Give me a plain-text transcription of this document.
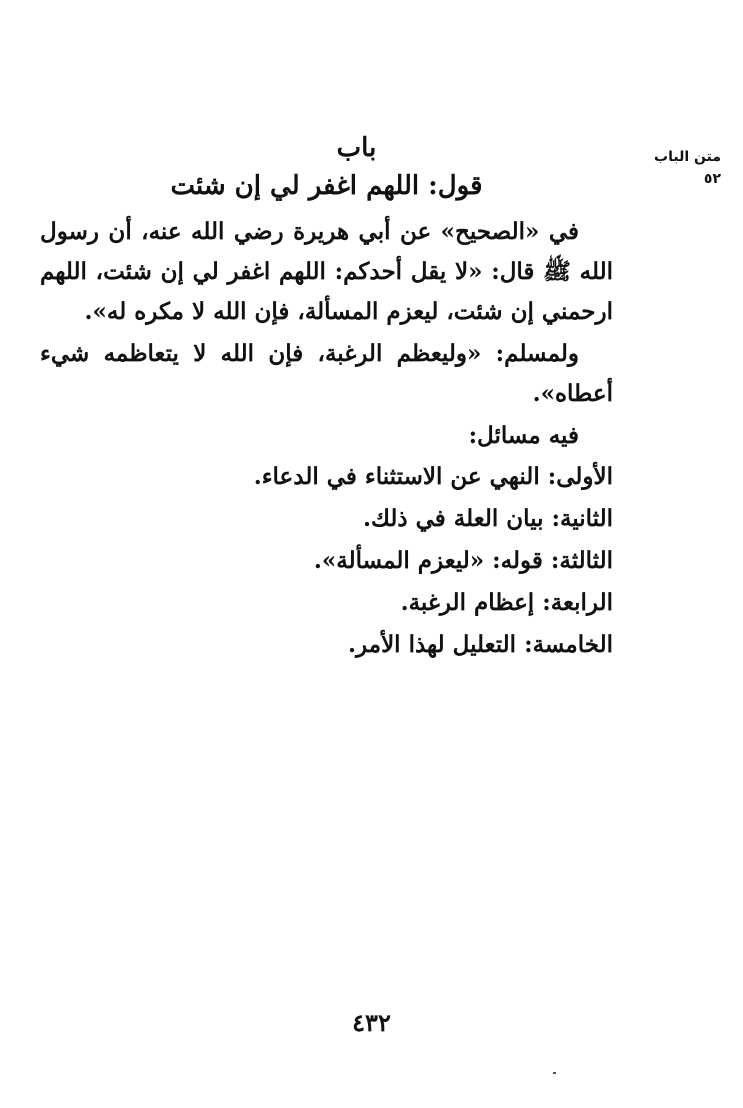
متن الباب
٥٢
باب
قول: اللهم اغفر لي إن شئت

في «الصحيح» عن أبي هريرة رضي الله عنه، أن رسول الله ﷺ قال: «لا يقل أحدكم: اللهم اغفر لي إن شئت، اللهم ارحمني إن شئت، ليعزم المسألة، فإن الله لا مكره له».

ولمسلم: «وليعظم الرغبة، فإن الله لا يتعاظمه شيء أعطاه».

فيه مسائل:
الأولى: النهي عن الاستثناء في الدعاء.
الثانية: بيان العلة في ذلك.
الثالثة: قوله: «ليعزم المسألة».
الرابعة: إعظام الرغبة.
الخامسة: التعليل لهذا الأمر.
٤٣٢
